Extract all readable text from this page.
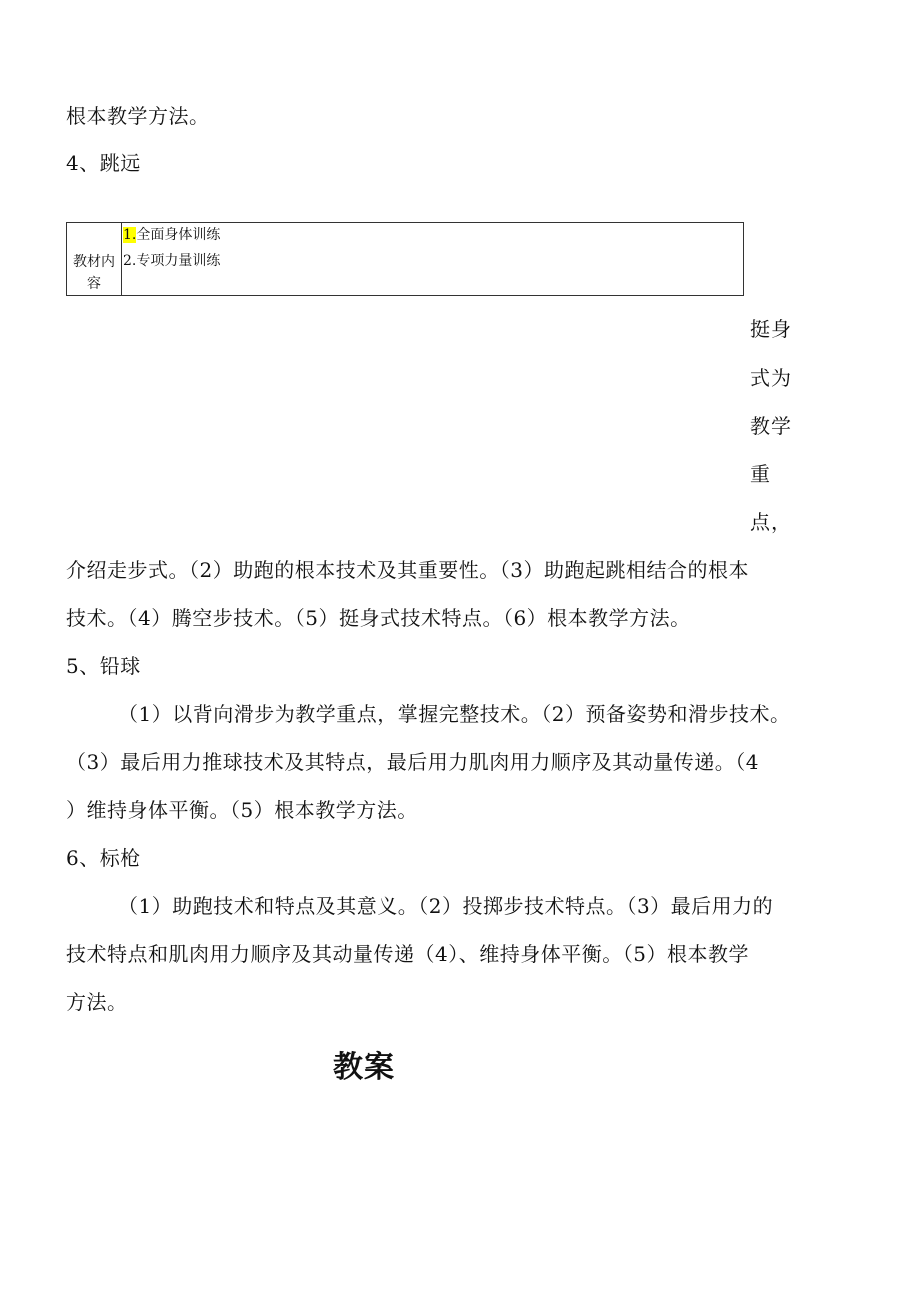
根本教学方法。
4、跳远
教材内容
1.全面身体训练
2.专项力量训练
挺身
式为
教学
重
点，
介绍走步式。（2）助跑的根本技术及其重要性。（3）助跑起跳相结合的根本
技术。（4）腾空步技术。（5）挺身式技术特点。（6）根本教学方法。
5、铅球
（1）以背向滑步为教学重点，掌握完整技术。（2）预备姿势和滑步技术。
（3）最后用力推球技术及其特点，最后用力肌肉用力顺序及其动量传递。（4
）维持身体平衡。（5）根本教学方法。
6、标枪
（1）助跑技术和特点及其意义。（2）投掷步技术特点。（3）最后用力的
技术特点和肌肉用力顺序及其动量传递（4）、维持身体平衡。（5）根本教学
方法。
教案
